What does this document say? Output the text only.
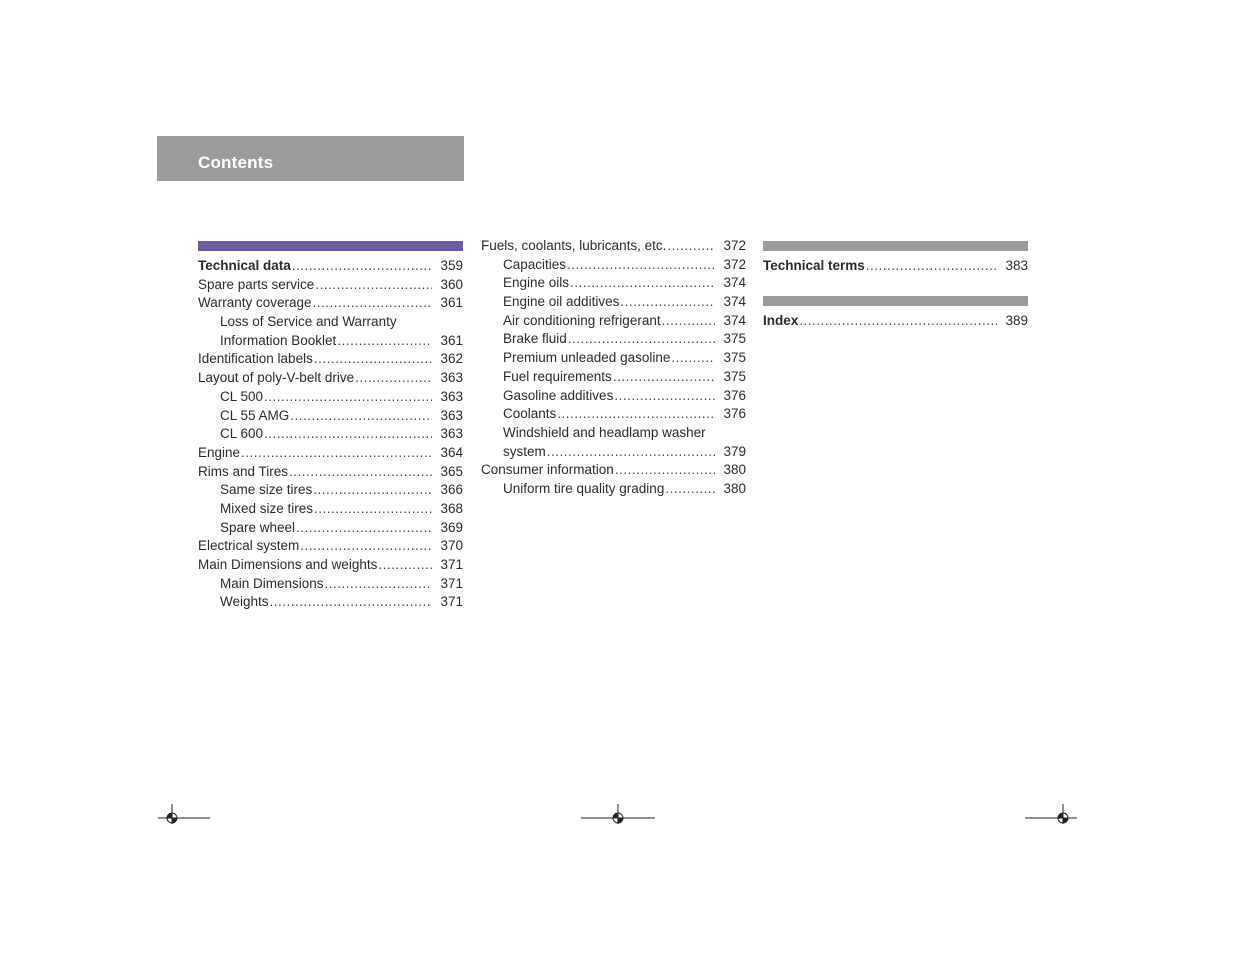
Contents
Technical data .....	359
Spare parts service .....	360
Warranty coverage .....	361
Loss of Service and Warranty
Information Booklet .....	361
Identification labels .....	362
Layout of poly-V-belt drive .....	363
CL 500 .....	363
CL 55 AMG .....	363
CL 600 .....	363
Engine .....	364
Rims and Tires .....	365
Same size tires .....	366
Mixed size tires .....	368
Spare wheel .....	369
Electrical system .....	370
Main Dimensions and weights .....	371
Main Dimensions .....	371
Weights .....	371
Fuels, coolants, lubricants, etc. .....	372
Capacities .....	372
Engine oils .....	374
Engine oil additives .....	374
Air conditioning refrigerant .....	374
Brake fluid .....	375
Premium unleaded gasoline .....	375
Fuel requirements .....	375
Gasoline additives .....	376
Coolants .....	376
Windshield and headlamp washer
system .....	379
Consumer information .....	380
Uniform tire quality grading .....	380
Technical terms .....	383
Index .....	389
